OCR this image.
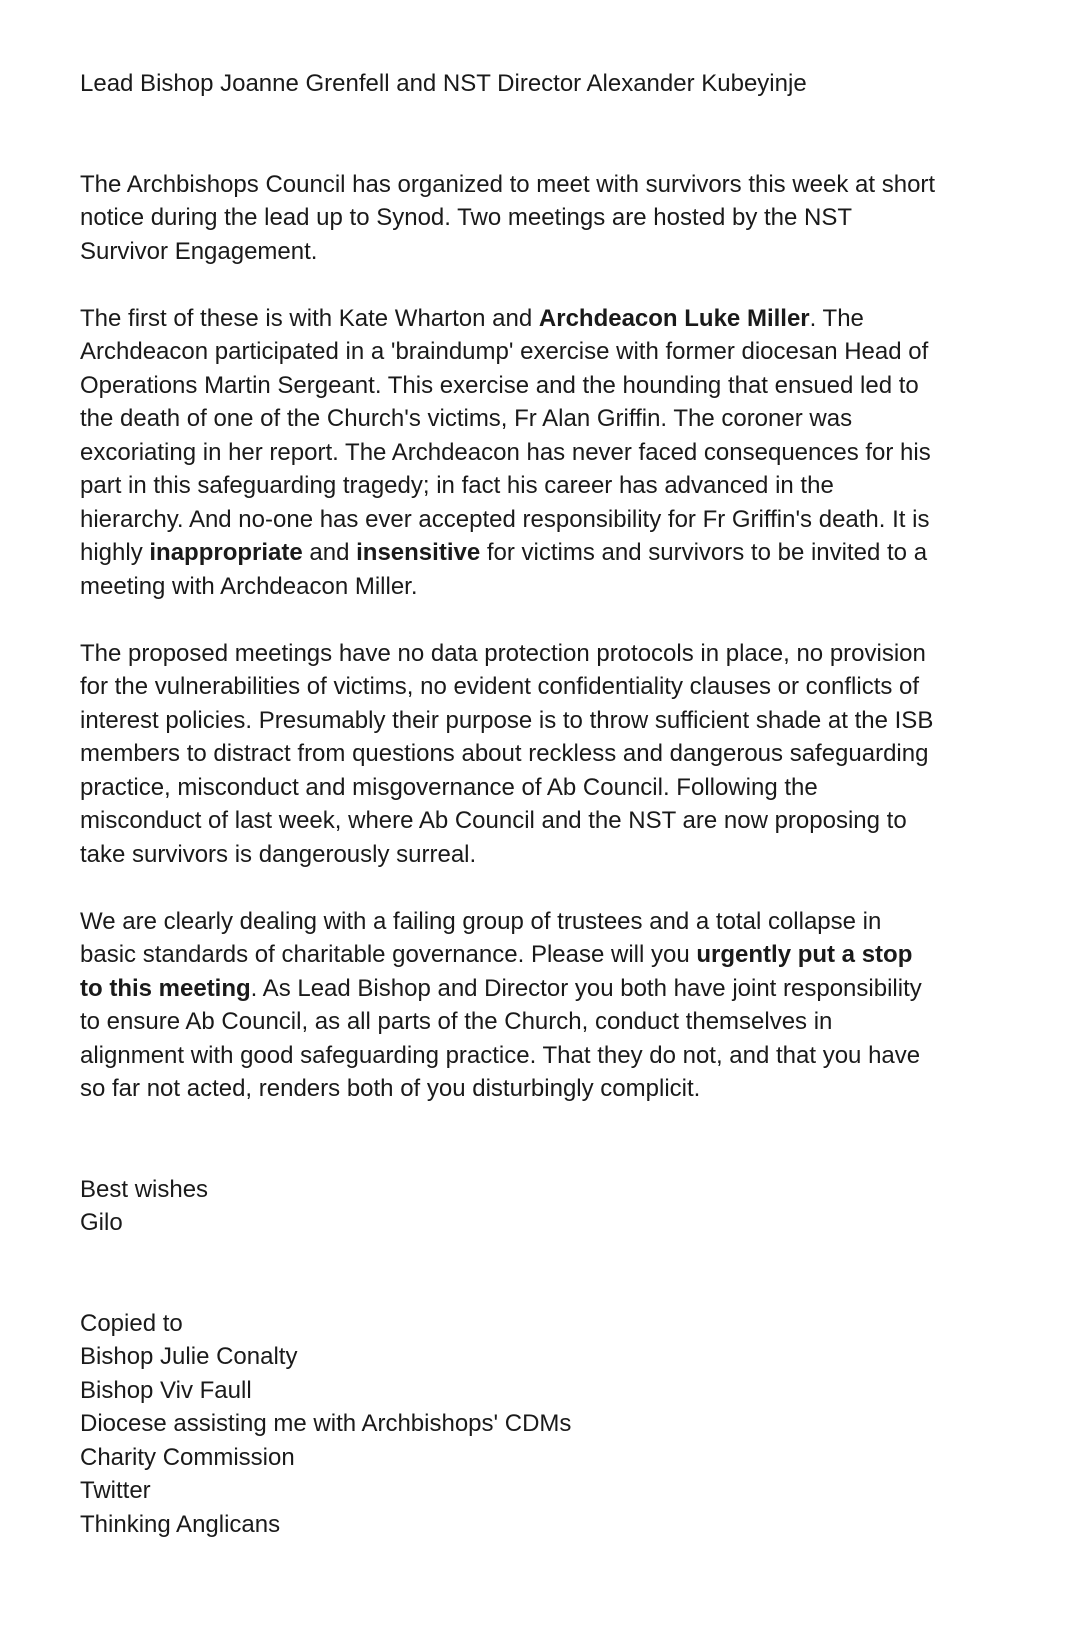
Lead Bishop Joanne Grenfell and NST Director Alexander Kubeyinje
The Archbishops Council has organized to meet with survivors this week at short
notice during the lead up to Synod. Two meetings are hosted by the NST
Survivor Engagement.
The first of these is with Kate Wharton and Archdeacon Luke Miller. The
Archdeacon participated in a 'braindump' exercise with former diocesan Head of
Operations Martin Sergeant. This exercise and the hounding that ensued led to
the death of one of the Church's victims, Fr Alan Griffin. The coroner was
excoriating in her report. The Archdeacon has never faced consequences for his
part in this safeguarding tragedy; in fact his career has advanced in the
hierarchy. And no-one has ever accepted responsibility for Fr Griffin's death. It is
highly inappropriate and insensitive for victims and survivors to be invited to a
meeting with Archdeacon Miller.
The proposed meetings have no data protection protocols in place, no provision
for the vulnerabilities of victims, no evident confidentiality clauses or conflicts of
interest policies. Presumably their purpose is to throw sufficient shade at the ISB
members to distract from questions about reckless and dangerous safeguarding
practice, misconduct and misgovernance of Ab Council. Following the
misconduct of last week, where Ab Council and the NST are now proposing to
take survivors is dangerously surreal.
We are clearly dealing with a failing group of trustees and a total collapse in
basic standards of charitable governance. Please will you urgently put a stop
to this meeting. As Lead Bishop and Director you both have joint responsibility
to ensure Ab Council, as all parts of the Church, conduct themselves in
alignment with good safeguarding practice. That they do not, and that you have
so far not acted, renders both of you disturbingly complicit.
Best wishes
Gilo
Copied to
Bishop Julie Conalty
Bishop Viv Faull
Diocese assisting me with Archbishops' CDMs
Charity Commission
Twitter
Thinking Anglicans
